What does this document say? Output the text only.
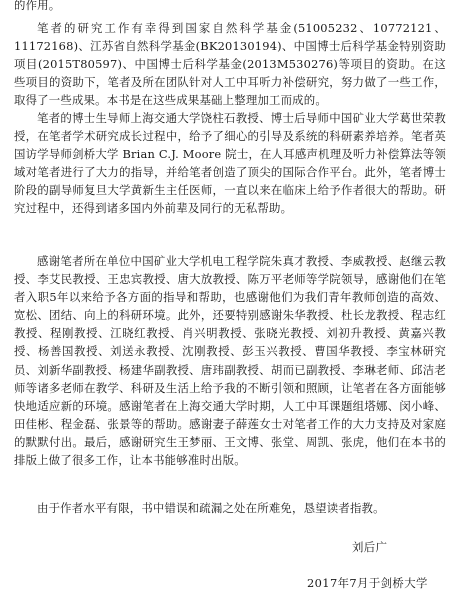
的作用。

笔者的研究工作有幸得到国家自然科学基金(51005232、10772121、11172168)、江苏省自然科学基金(BK20130194)、中国博士后科学基金特别资助项目(2015T80597)、中国博士后科学基金(2013M530276)等项目的资助。在这些项目的资助下，笔者及所在团队针对人工中耳听力补偿研究，努力做了一些工作，取得了一些成果。本书是在这些成果基础上整理加工而成的。

笔者的博士生导师上海交通大学饶柱石教授、博士后导师中国矿业大学葛世荣教授，在笔者学术研究成长过程中，给予了细心的引导及系统的科研素养培养。笔者英国访学导师剑桥大学 Brian C.J. Moore 院士，在人耳感声机理及听力补偿算法等领域对笔者进行了大力的指导，并给笔者创造了顶尖的国际合作平台。此外，笔者博士阶段的副导师复旦大学黄新生主任医师，一直以来在临床上给予作者很大的帮助。研究过程中，还得到诸多国内外前辈及同行的无私帮助。

感谢笔者所在单位中国矿业大学机电工程学院朱真才教授、李威教授、赵继云教授、李艾民教授、王忠宾教授、唐大放教授、陈万平老师等学院领导，感谢他们在笔者入职5年以来给予各方面的指导和帮助，也感谢他们为我们青年教师创造的高效、宽松、团结、向上的科研环境。此外，还要特别感谢朱华教授、杜长龙教授、程志红教授、程刚教授、江晓红教授、肖兴明教授、张晓光教授、刘初升教授、黄嘉兴教授、杨善国教授、刘送永教授、沈刚教授、彭玉兴教授、曹国华教授、李宝林研究员、刘新华副教授、杨建华副教授、唐玮副教授、胡而已副教授、李琳老师、邱洁老师等诸多老师在教学、科研及生活上给予我的不断引领和照顾，让笔者在各方面能够快地适应新的环境。感谢笔者在上海交通大学时期，人工中耳课题组塔娜、闵小峰、田佳彬、程金磊、张景等的帮助。感谢妻子薛莲女士对笔者工作的大力支持及对家庭的默默付出。最后，感谢研究生王梦丽、王文博、张堂、周凯、张虎，他们在本书的排版上做了很多工作，让本书能够准时出版。

由于作者水平有限，书中错误和疏漏之处在所难免，恳望读者指教。

刘后广
2017年7月于剑桥大学
